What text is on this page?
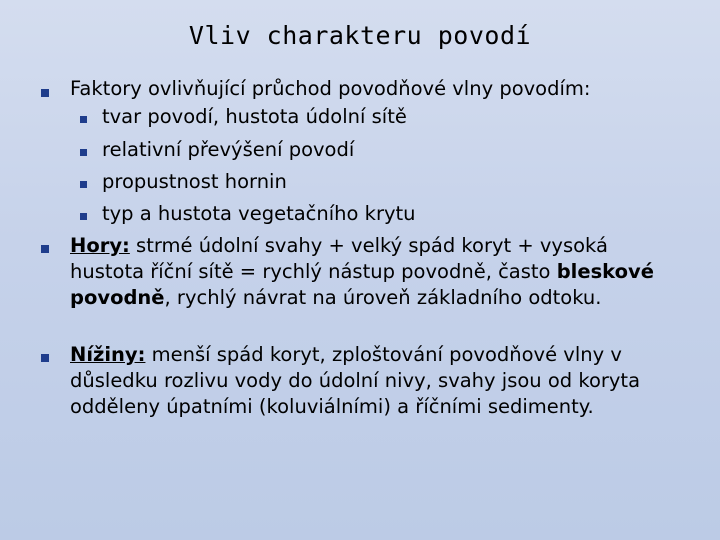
Vliv charakteru povodí
Faktory ovlivňující průchod povodňové vlny povodím:
tvar povodí, hustota údolní sítě
relativní převýšení povodí
propustnost hornin
typ a hustota vegetačního krytu
Hory: strmé údolní svahy + velký spád koryt + vysoká hustota říční sítě = rychlý nástup povodně, často bleskové povodně, rychlý návrat na úroveň základního odtoku.
Nížiny: menší spád koryt, zploštování povodňové vlny v důsledku rozlivu vody do údolní nivy, svahy jsou od koryta odděleny úpatními (koluviálními) a říčními sedimenty.
